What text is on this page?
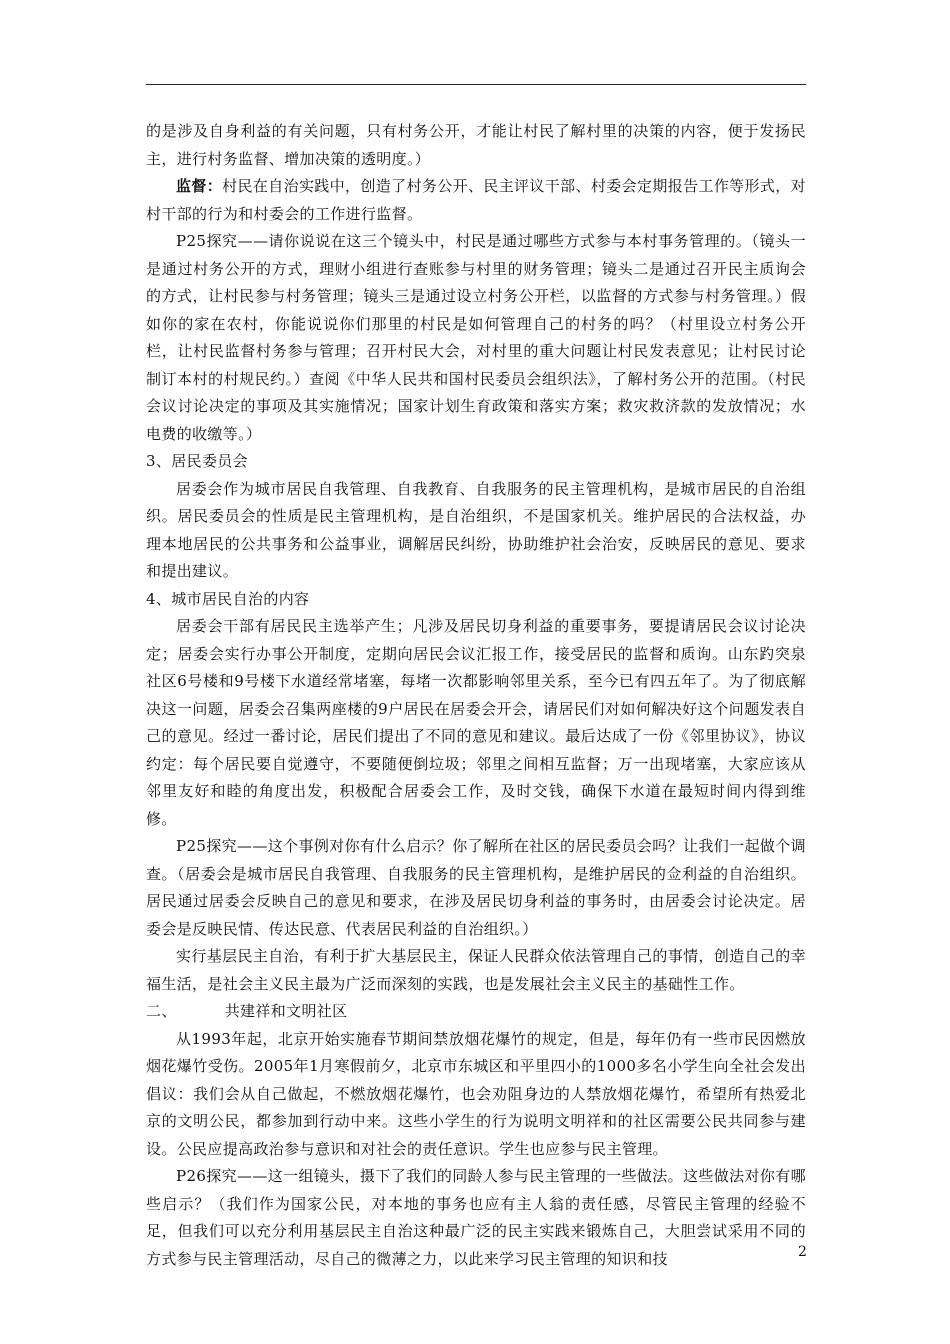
的是涉及自身利益的有关问题，只有村务公开，才能让村民了解村里的决策的内容，便于发扬民主，进行村务监督、增加决策的透明度。）

监督：村民在自治实践中，创造了村务公开、民主评议干部、村委会定期报告工作等形式，对村干部的行为和村委会的工作进行监督。

P25探究——请你说说在这三个镜头中，村民是通过哪些方式参与本村事务管理的。（镜头一是通过村务公开的方式，理财小组进行查账参与村里的财务管理；镜头二是通过召开民主质询会的方式，让村民参与村务管理；镜头三是通过设立村务公开栏，以监督的方式参与村务管理。）假如你的家在农村，你能说说你们那里的村民是如何管理自己的村务的吗？（村里设立村务公开栏，让村民监督村务参与管理；召开村民大会，对村里的重大问题让村民发表意见；让村民讨论制订本村的村规民约。）查阅《中华人民共和国村民委员会组织法》，了解村务公开的范围。（村民会议讨论决定的事项及其实施情况；国家计划生育政策和落实方案；救灾救济款的发放情况；水电费的收缴等。）

3、居民委员会

居委会作为城市居民自我管理、自我教育、自我服务的民主管理机构，是城市居民的自治组织。居民委员会的性质是民主管理机构，是自治组织，不是国家机关。维护居民的合法权益，办理本地居民的公共事务和公益事业，调解居民纠纷，协助维护社会治安，反映居民的意见、要求和提出建议。

4、城市居民自治的内容

居委会干部有居民民主选举产生；凡涉及居民切身利益的重要事务，要提请居民会议讨论决定；居委会实行办事公开制度，定期向居民会议汇报工作，接受居民的监督和质询。山东趵突泉社区6号楼和9号楼下水道经常堵塞，每堵一次都影响邻里关系，至今已有四五年了。为了彻底解决这一问题，居委会召集两座楼的9户居民在居委会开会，请居民们对如何解决好这个问题发表自己的意见。经过一番讨论，居民们提出了不同的意见和建议。最后达成了一份《邻里协议》，协议约定：每个居民要自觉遵守，不要随便倒垃圾；邻里之间相互监督；万一出现堵塞，大家应该从邻里友好和睦的角度出发，积极配合居委会工作，及时交钱，确保下水道在最短时间内得到维修。

P25探究——这个事例对你有什么启示？你了解所在社区的居民委员会吗？让我们一起做个调查。（居委会是城市居民自我管理、自我服务的民主管理机构，是维护居民的佥利益的自治组织。居民通过居委会反映自己的意见和要求，在涉及居民切身利益的事务时，由居委会讨论决定。居委会是反映民情、传达民意、代表居民利益的自治组织。）

实行基层民主自治，有利于扩大基层民主，保证人民群众依法管理自己的事情，创造自己的幸福生活，是社会主义民主最为广泛而深刻的实践，也是发展社会主义民主的基础性工作。

二、	共建祥和文明社区

从1993年起，北京开始实施春节期间禁放烟花爆竹的规定，但是，每年仍有一些市民因燃放烟花爆竹受伤。2005年1月寒假前夕，北京市东城区和平里四小的1000多名小学生向全社会发出倡议：我们会从自己做起，不燃放烟花爆竹，也会劝阻身边的人禁放烟花爆竹，希望所有热爱北京的文明公民，都参加到行动中来。这些小学生的行为说明文明祥和的社区需要公民共同参与建设。公民应提高政治参与意识和对社会的责任意识。学生也应参与民主管理。

P26探究——这一组镜头，摄下了我们的同龄人参与民主管理的一些做法。这些做法对你有哪些启示？（我们作为国家公民，对本地的事务也应有主人翁的责任感，尽管民主管理的经验不足，但我们可以充分利用基层民主自治这种最广泛的民主实践来锻炼自己，大胆尝试采用不同的方式参与民主管理活动，尽自己的微薄之力，以此来学习民主管理的知识和技	2
